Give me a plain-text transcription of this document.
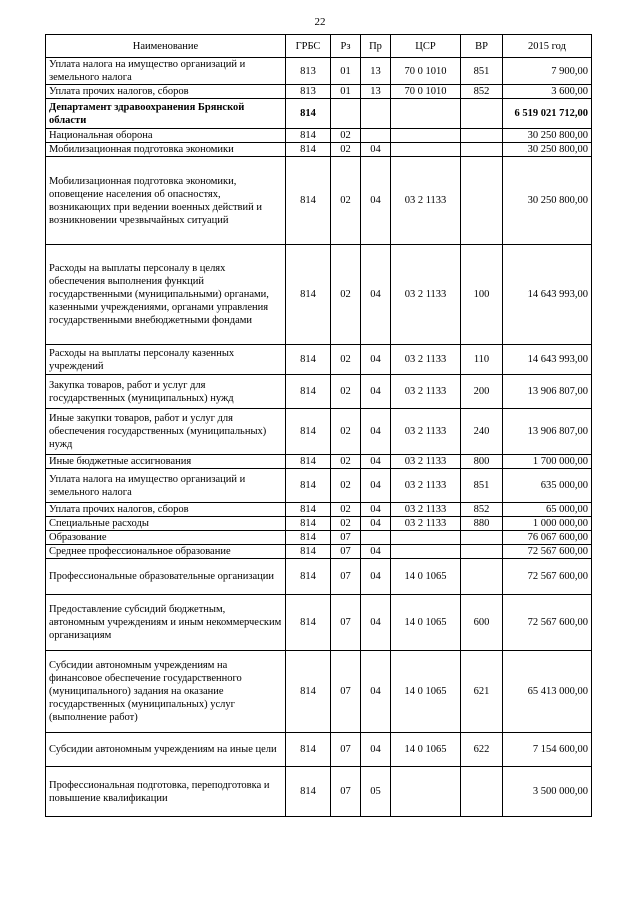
22
Наименование	ГРБС	Рз	Пр	ЦСР	ВР	2015 год
Уплата налога на имущество организаций и земельного налога	813	01	13	70 0 1010	851	7 900,00
Уплата прочих налогов, сборов	813	01	13	70 0 1010	852	3 600,00
Департамент здравоохранения Брянской области	814					6 519 021 712,00
Национальная оборона	814	02				30 250 800,00
Мобилизационная подготовка экономики	814	02	04			30 250 800,00
Мобилизационная подготовка экономики, оповещение населения об опасностях, возникающих при ведении военных действий и возникновении чрезвычайных ситуаций	814	02	04	03 2 1133		30 250 800,00
Расходы на выплаты персоналу в целях обеспечения выполнения функций государственными (муниципальными) органами, казенными учреждениями, органами управления государственными внебюджетными фондами	814	02	04	03 2 1133	100	14 643 993,00
Расходы на выплаты персоналу казенных учреждений	814	02	04	03 2 1133	110	14 643 993,00
Закупка товаров, работ и услуг для государственных (муниципальных) нужд	814	02	04	03 2 1133	200	13 906 807,00
Иные закупки товаров, работ и услуг для обеспечения государственных (муниципальных) нужд	814	02	04	03 2 1133	240	13 906 807,00
Иные бюджетные ассигнования	814	02	04	03 2 1133	800	1 700 000,00
Уплата налога на имущество организаций и земельного налога	814	02	04	03 2 1133	851	635 000,00
Уплата прочих налогов, сборов	814	02	04	03 2 1133	852	65 000,00
Специальные расходы	814	02	04	03 2 1133	880	1 000 000,00
Образование	814	07				76 067 600,00
Среднее профессиональное образование	814	07	04			72 567 600,00
Профессиональные образовательные организации	814	07	04	14 0 1065		72 567 600,00
Предоставление субсидий бюджетным, автономным учреждениям и иным некоммерческим организациям	814	07	04	14 0 1065	600	72 567 600,00
Субсидии автономным учреждениям на финансовое обеспечение государственного (муниципального) задания на оказание государственных (муниципальных) услуг (выполнение работ)	814	07	04	14 0 1065	621	65 413 000,00
Субсидии автономным учреждениям на иные цели	814	07	04	14 0 1065	622	7 154 600,00
Профессиональная подготовка, переподготовка и повышение квалификации	814	07	05			3 500 000,00
